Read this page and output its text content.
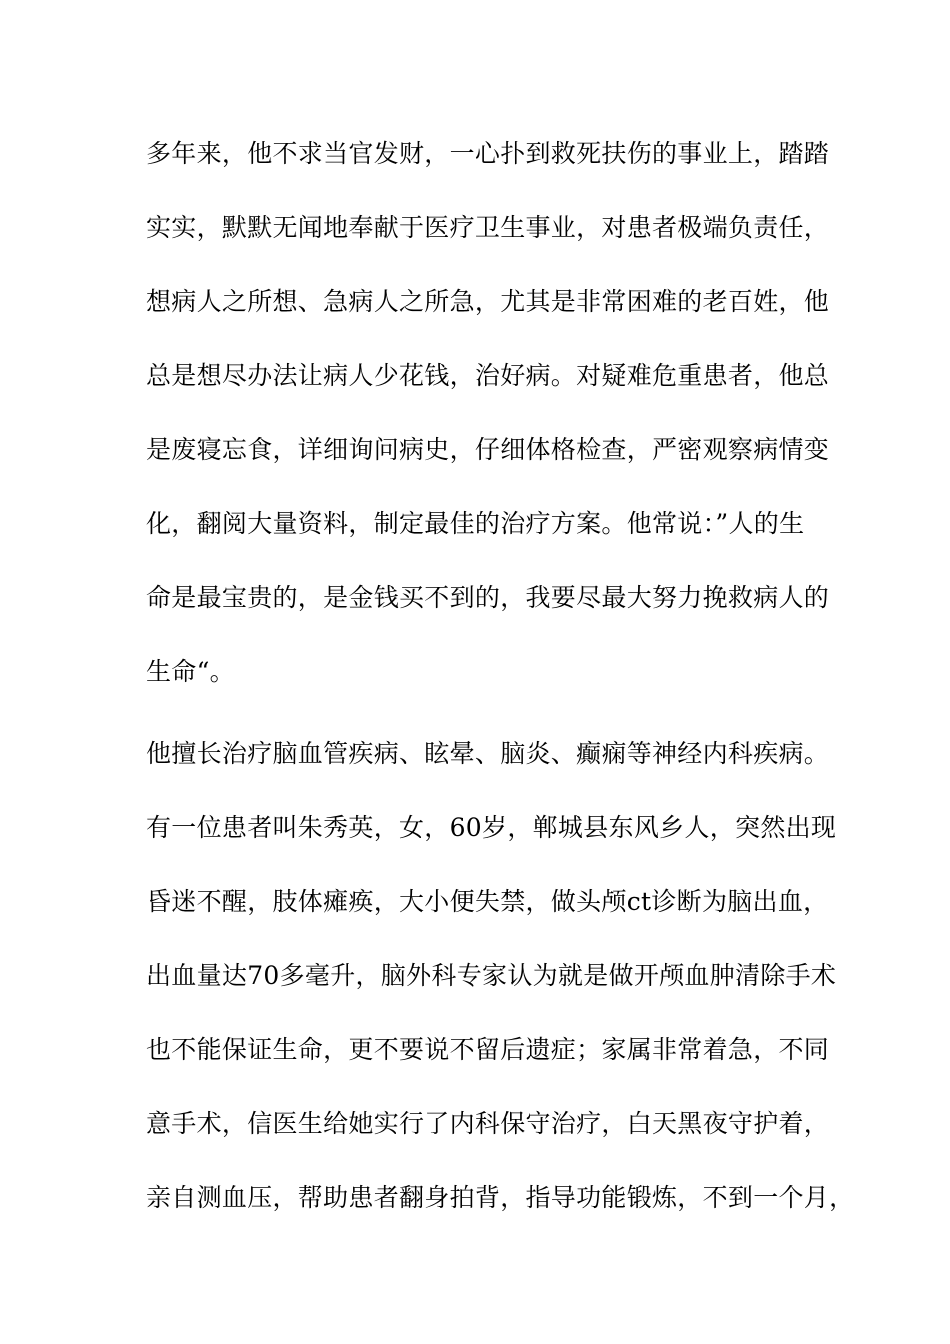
多年来，他不求当官发财，一心扑到救死扶伤的事业上，踏踏
实实，默默无闻地奉献于医疗卫生事业，对患者极端负责任，
想病人之所想、急病人之所急，尤其是非常困难的老百姓，他
总是想尽办法让病人少花钱，治好病。对疑难危重患者，他总
是废寝忘食，详细询问病史，仔细体格检查，严密观察病情变
化，翻阅大量资料，制定最佳的治疗方案。他常说：”人的生
命是最宝贵的，是金钱买不到的，我要尽最大努力挽救病人的
生命“。
他擅长治疗脑血管疾病、眩晕、脑炎、癫痫等神经内科疾病。
有一位患者叫朱秀英，女，60岁，郸城县东风乡人，突然出现
昏迷不醒，肢体瘫痪，大小便失禁，做头颅ct诊断为脑出血，
出血量达70多毫升，脑外科专家认为就是做开颅血肿清除手术
也不能保证生命，更不要说不留后遗症；家属非常着急，不同
意手术，信医生给她实行了内科保守治疗，白天黑夜守护着，
亲自测血压，帮助患者翻身拍背，指导功能锻炼，不到一个月，
